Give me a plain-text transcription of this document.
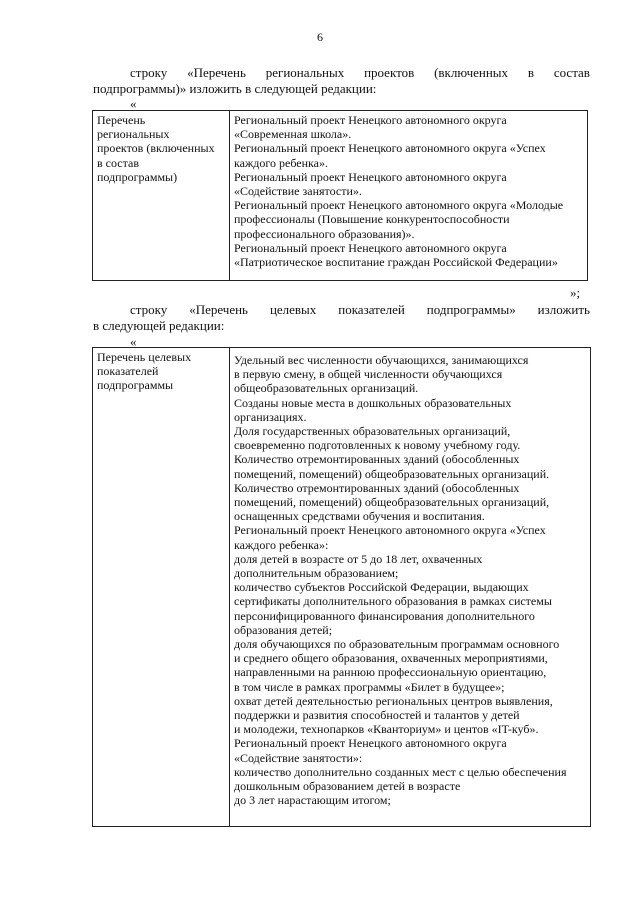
6
строку «Перечень региональных проектов (включенных в состав
подпрограммы)» изложить в следующей редакции:
«
Перечень
региональных
проектов (включенных
в состав
подпрограммы)

Региональный проект Ненецкого автономного округа
«Современная школа».
Региональный проект Ненецкого автономного округа «Успех
каждого ребенка».
Региональный проект Ненецкого автономного округа
«Содействие занятости».
Региональный проект Ненецкого автономного округа «Молодые
профессионалы (Повышение конкурентоспособности
профессионального образования)».
Региональный проект Ненецкого автономного округа
«Патриотическое воспитание граждан Российской Федерации»
»;
строку «Перечень целевых показателей подпрограммы» изложить
в следующей редакции:
«
Перечень целевых
показателей
подпрограммы

Удельный вес численности обучающихся, занимающихся
в первую смену, в общей численности обучающихся
общеобразовательных организаций.
Созданы новые места в дошкольных образовательных
организациях.
Доля государственных образовательных организаций,
своевременно подготовленных к новому учебному году.
Количество отремонтированных зданий (обособленных
помещений, помещений) общеобразовательных организаций.
Количество отремонтированных зданий (обособленных
помещений, помещений) общеобразовательных организаций,
оснащенных средствами обучения и воспитания.
Региональный проект Ненецкого автономного округа «Успех
каждого ребенка»:
доля детей в возрасте от 5 до 18 лет, охваченных
дополнительным образованием;
количество субъектов Российской Федерации, выдающих
сертификаты дополнительного образования в рамках системы
персонифицированного финансирования дополнительного
образования детей;
доля обучающихся по образовательным программам основного
и среднего общего образования, охваченных мероприятиями,
направленными на раннюю профессиональную ориентацию,
в том числе в рамках программы «Билет в будущее»;
охват детей деятельностью региональных центров выявления,
поддержки и развития способностей и талантов у детей
и молодежи, технопарков «Кванториум» и центов «IT-куб».
Региональный проект Ненецкого автономного округа
«Содействие занятости»:
количество дополнительно созданных мест с целью обеспечения
дошкольным образованием детей в возрасте
до 3 лет нарастающим итогом;
